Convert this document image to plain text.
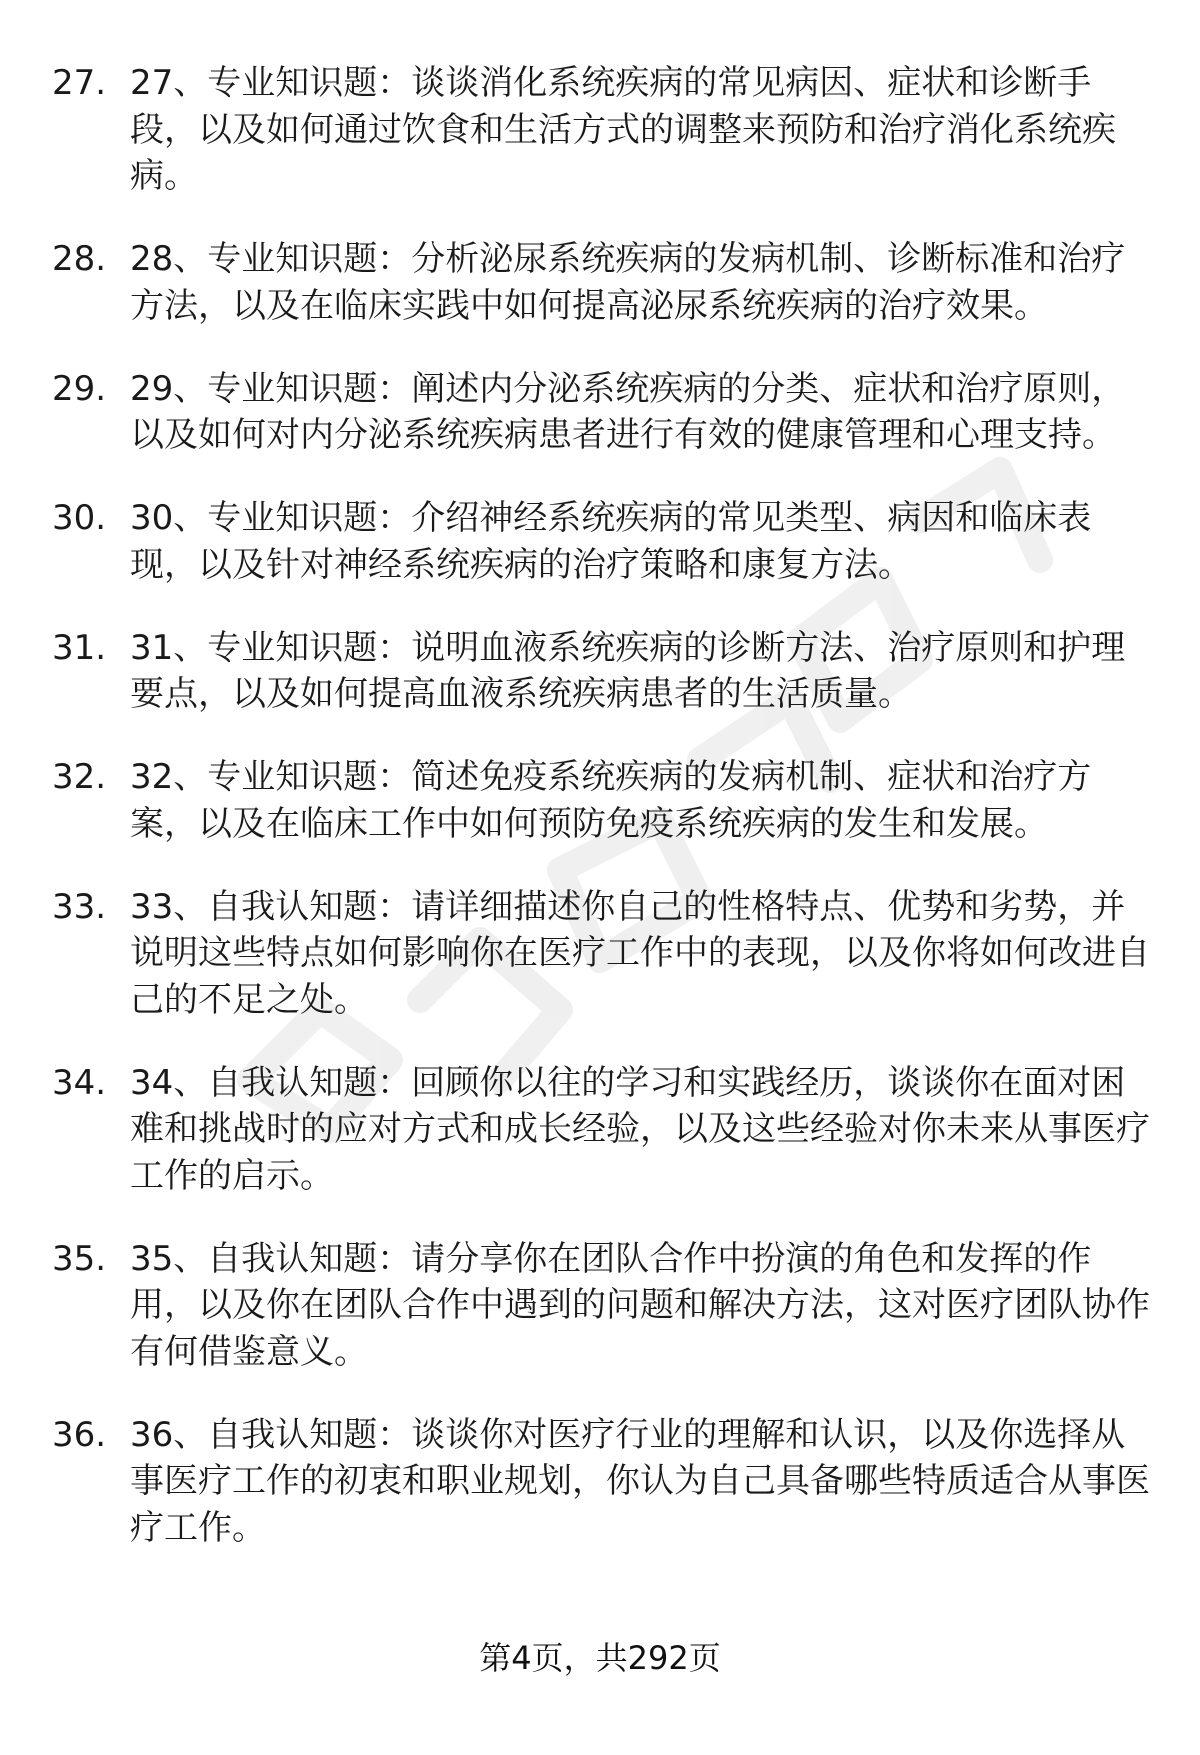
27. 27、专业知识题：谈谈消化系统疾病的常见病因、症状和诊断手段，以及如何通过饮食和生活方式的调整来预防和治疗消化系统疾病。
28. 28、专业知识题：分析泌尿系统疾病的发病机制、诊断标准和治疗方法，以及在临床实践中如何提高泌尿系统疾病的治疗效果。
29. 29、专业知识题：阐述内分泌系统疾病的分类、症状和治疗原则，以及如何对内分泌系统疾病患者进行有效的健康管理和心理支持。
30. 30、专业知识题：介绍神经系统疾病的常见类型、病因和临床表现，以及针对神经系统疾病的治疗策略和康复方法。
31. 31、专业知识题：说明血液系统疾病的诊断方法、治疗原则和护理要点，以及如何提高血液系统疾病患者的生活质量。
32. 32、专业知识题：简述免疫系统疾病的发病机制、症状和治疗方案，以及在临床工作中如何预防免疫系统疾病的发生和发展。
33. 33、自我认知题：请详细描述你自己的性格特点、优势和劣势，并说明这些特点如何影响你在医疗工作中的表现，以及你将如何改进自己的不足之处。
34. 34、自我认知题：回顾你以往的学习和实践经历，谈谈你在面对困难和挑战时的应对方式和成长经验，以及这些经验对你未来从事医疗工作的启示。
35. 35、自我认知题：请分享你在团队合作中扮演的角色和发挥的作用，以及你在团队合作中遇到的问题和解决方法，这对医疗团队协作有何借鉴意义。
36. 36、自我认知题：谈谈你对医疗行业的理解和认识，以及你选择从事医疗工作的初衷和职业规划，你认为自己具备哪些特质适合从事医疗工作。
第4页，共292页
